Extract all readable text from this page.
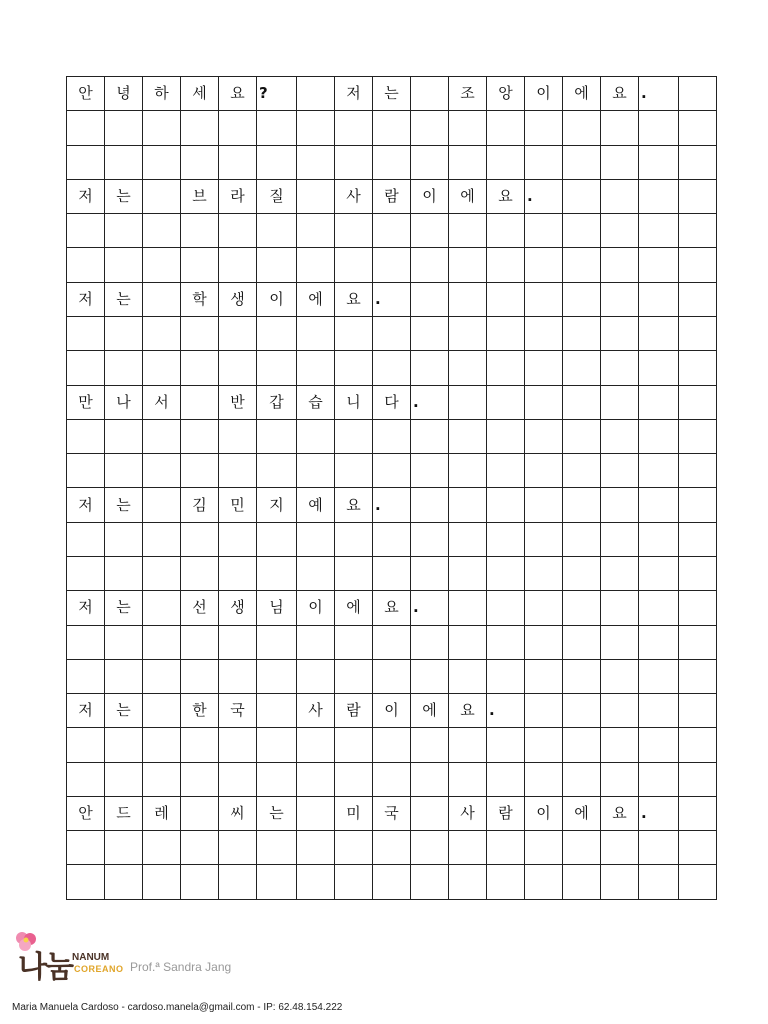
안	녕	하	세	요	?		저	는		조	앙	이	에	요	.	

저	는		브	라	질		사	람	이	에	요	.				

저	는		학	생	이	에	요	.								

만	나	서		반	갑	습	니	다	.							

저	는		김	민	지	예	요	.								

저	는		선	생	님	이	에	요	.							

저	는		한	국		사	람	이	에	요	.					

안	드	레		씨	는		미	국		사	람	이	에	요	.	

나눔 NANUM
COREANO Prof.ª Sandra Jang
Maria Manuela Cardoso - cardoso.manela@gmail.com - IP: 62.48.154.222
